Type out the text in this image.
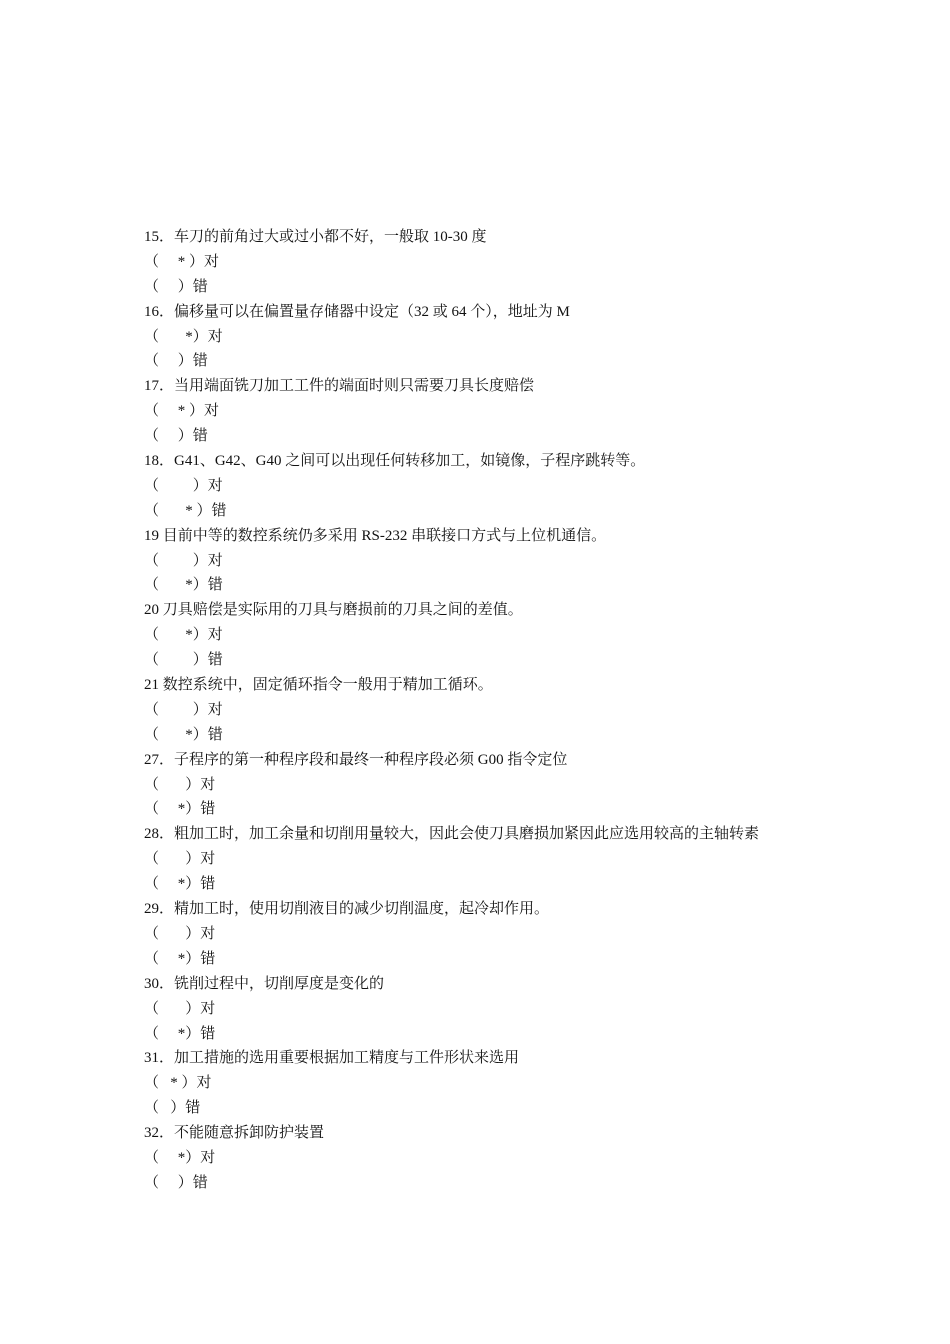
15．车刀的前角过大或过小都不好，一般取 10-30 度
（     * ）对
（     ）错
16．偏移量可以在偏置量存储器中设定（32 或 64 个），地址为 M
（       *）对
（     ）错
17．当用端面铣刀加工工件的端面时则只需要刀具长度赔偿
（     * ）对
（     ）错
18．G41、G42、G40 之间可以出现任何转移加工，如镜像，子程序跳转等。
（         ）对
（       * ）错
19 目前中等的数控系统仍多采用 RS-232 串联接口方式与上位机通信。
（         ）对
（       *）错
20 刀具赔偿是实际用的刀具与磨损前的刀具之间的差值。
（       *）对
（         ）错
21 数控系统中，固定循环指令一般用于精加工循环。
（         ）对
（       *）错
27．子程序的第一种程序段和最终一种程序段必须 G00 指令定位
（       ）对
（     *）错
28．粗加工时，加工余量和切削用量较大，因此会使刀具磨损加紧因此应选用较高的主轴转素
（       ）对
（     *）错
29．精加工时，使用切削液目的减少切削温度，起冷却作用。
（       ）对
（     *）错
30．铣削过程中，切削厚度是变化的
（       ）对
（     *）错
31．加工措施的选用重要根据加工精度与工件形状来选用
（   * ）对
（   ）错
32．不能随意拆卸防护装置
（     *）对
（     ）错
